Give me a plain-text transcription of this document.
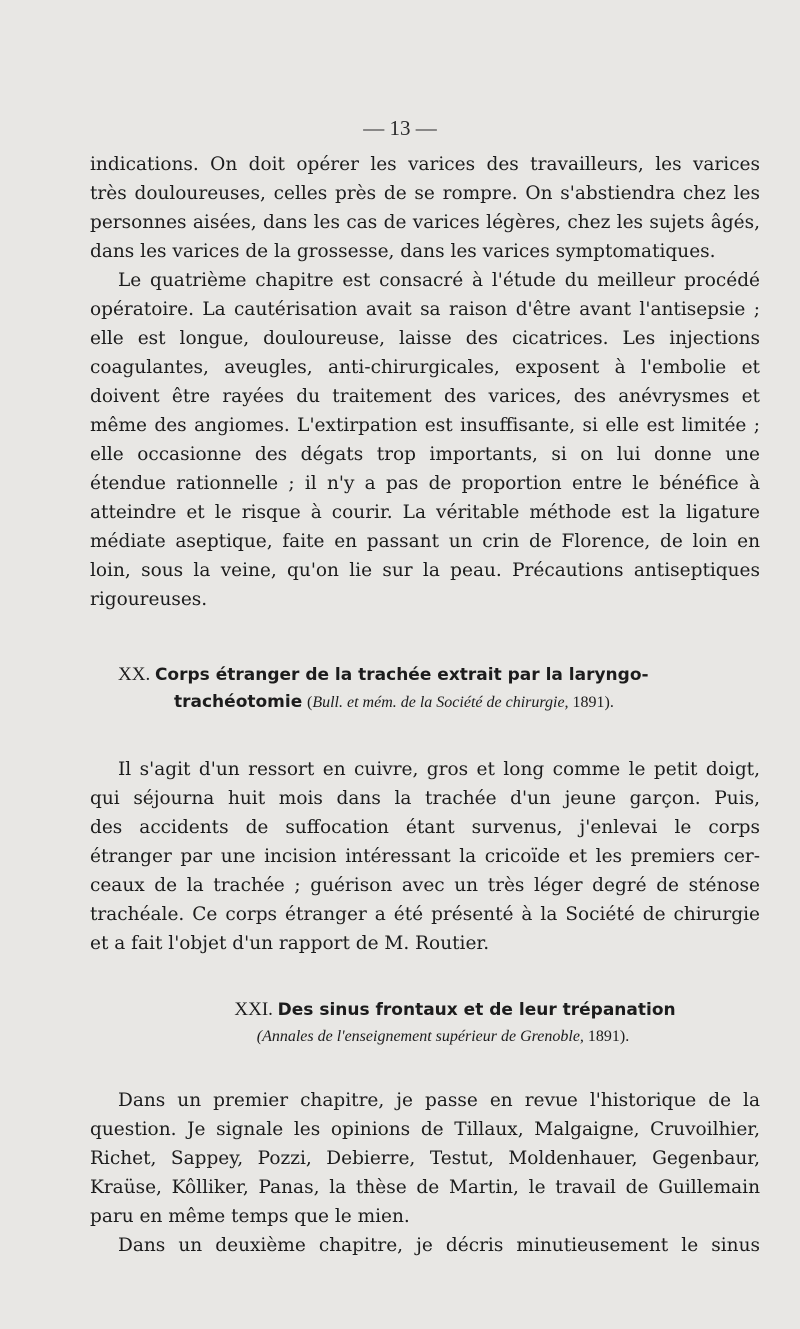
— 13 —
indications. On doit opérer les varices des travailleurs, les varices
très douloureuses, celles près de se rompre. On s'abstiendra chez les
personnes aisées, dans les cas de varices légères, chez les sujets âgés,
dans les varices de la grossesse, dans les varices symptomatiques.
Le quatrième chapitre est consacré à l'étude du meilleur procédé
opératoire. La cautérisation avait sa raison d'être avant l'antisepsie ;
elle est longue, douloureuse, laisse des cicatrices. Les injections
coagulantes, aveugles, anti-chirurgicales, exposent à l'embolie et
doivent être rayées du traitement des varices, des anévrysmes et
même des angiomes. L'extirpation est insuffisante, si elle est limitée ;
elle occasionne des dégats trop importants, si on lui donne une
étendue rationnelle ; il n'y a pas de proportion entre le bénéfice à
atteindre et le risque à courir. La véritable méthode est la ligature
médiate aseptique, faite en passant un crin de Florence, de loin en
loin, sous la veine, qu'on lie sur la peau. Précautions antiseptiques
rigoureuses.
XX. Corps étranger de la trachée extrait par la laryngo-
trachéotomie (Bull. et mém. de la Société de chirurgie, 1891).
Il s'agit d'un ressort en cuivre, gros et long comme le petit doigt,
qui séjourna huit mois dans la trachée d'un jeune garçon. Puis,
des accidents de suffocation étant survenus, j'enlevai le corps
étranger par une incision intéressant la cricoïde et les premiers cer-
ceaux de la trachée ; guérison avec un très léger degré de sténose
trachéale. Ce corps étranger a été présenté à la Société de chirurgie
et a fait l'objet d'un rapport de M. Routier.
XXI. Des sinus frontaux et de leur trépanation
(Annales de l'enseignement supérieur de Grenoble, 1891).
Dans un premier chapitre, je passe en revue l'historique de la
question. Je signale les opinions de Tillaux, Malgaigne, Cruvoilhier,
Richet, Sappey, Pozzi, Debierre, Testut, Moldenhauer, Gegenbaur,
Kraüse, Kôlliker, Panas, la thèse de Martin, le travail de Guillemain
paru en même temps que le mien.
Dans un deuxième chapitre, je décris minutieusement le sinus
